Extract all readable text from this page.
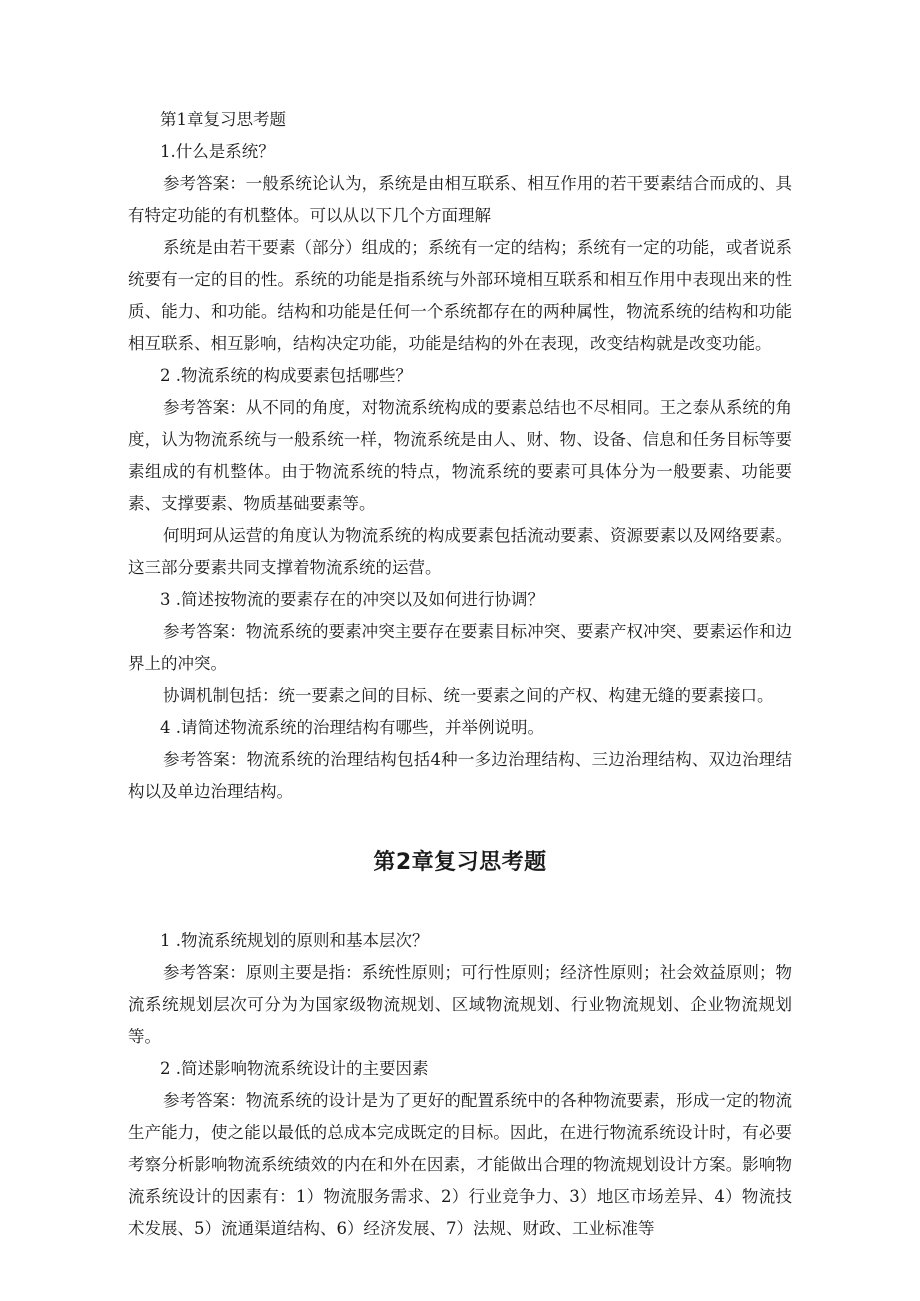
第1章复习思考题

1.什么是系统？

参考答案：一般系统论认为，系统是由相互联系、相互作用的若干要素结合而成的、具有特定功能的有机整体。可以从以下几个方面理解

系统是由若干要素（部分）组成的；系统有一定的结构；系统有一定的功能，或者说系统要有一定的目的性。系统的功能是指系统与外部环境相互联系和相互作用中表现出来的性质、能力、和功能。结构和功能是任何一个系统都存在的两种属性，物流系统的结构和功能相互联系、相互影响，结构决定功能，功能是结构的外在表现，改变结构就是改变功能。

2 .物流系统的构成要素包括哪些？

参考答案：从不同的角度，对物流系统构成的要素总结也不尽相同。王之泰从系统的角度，认为物流系统与一般系统一样，物流系统是由人、财、物、设备、信息和任务目标等要素组成的有机整体。由于物流系统的特点，物流系统的要素可具体分为一般要素、功能要素、支撑要素、物质基础要素等。

何明珂从运营的角度认为物流系统的构成要素包括流动要素、资源要素以及网络要素。这三部分要素共同支撑着物流系统的运营。

3 .简述按物流的要素存在的冲突以及如何进行协调？

参考答案：物流系统的要素冲突主要存在要素目标冲突、要素产权冲突、要素运作和边界上的冲突。

协调机制包括：统一要素之间的目标、统一要素之间的产权、构建无缝的要素接口。

4 .请简述物流系统的治理结构有哪些，并举例说明。

参考答案：物流系统的治理结构包括4种一多边治理结构、三边治理结构、双边治理结构以及单边治理结构。

第2章复习思考题

1 .物流系统规划的原则和基本层次？

参考答案：原则主要是指：系统性原则；可行性原则；经济性原则；社会效益原则；物流系统规划层次可分为为国家级物流规划、区域物流规划、行业物流规划、企业物流规划等。

2 .简述影响物流系统设计的主要因素

参考答案：物流系统的设计是为了更好的配置系统中的各种物流要素，形成一定的物流生产能力，使之能以最低的总成本完成既定的目标。因此，在进行物流系统设计时，有必要考察分析影响物流系统绩效的内在和外在因素，才能做出合理的物流规划设计方案。影响物流系统设计的因素有：1）物流服务需求、2）行业竞争力、3）地区市场差异、4）物流技术发展、5）流通渠道结构、6）经济发展、7）法规、财政、工业标准等
